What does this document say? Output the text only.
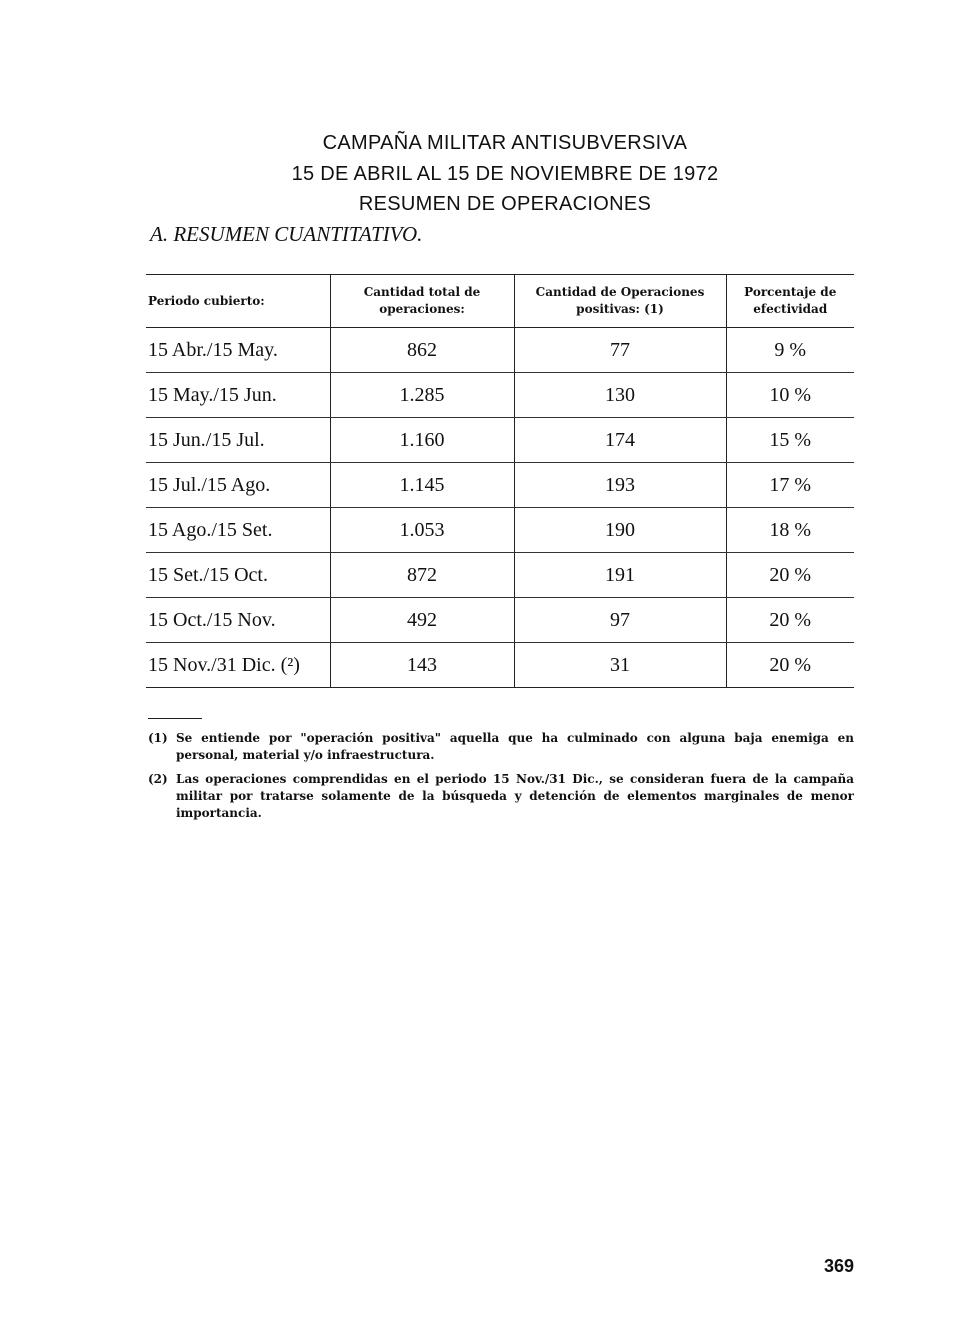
CAMPAÑA MILITAR ANTISUBVERSIVA
15 DE ABRIL AL 15 DE NOVIEMBRE DE 1972
RESUMEN DE OPERACIONES
A. RESUMEN CUANTITATIVO.
Periodo cubierto:	Cantidad total de operaciones:	Cantidad de Operaciones positivas: (1)	Porcentaje de efectividad
15 Abr./15 May.	862	77	9 %
15 May./15 Jun.	1.285	130	10 %
15 Jun./15 Jul.	1.160	174	15 %
15 Jul./15 Ago.	1.145	193	17 %
15 Ago./15 Set.	1.053	190	18 %
15 Set./15 Oct.	872	191	20 %
15 Oct./15 Nov.	492	97	20 %
15 Nov./31 Dic. (²)	143	31	20 %
(1) Se entiende por "operación positiva" aquella que ha culminado con alguna baja enemiga en personal, material y/o infraestructura.
(2) Las operaciones comprendidas en el periodo 15 Nov./31 Dic., se consideran fuera de la campaña militar por tratarse solamente de la búsqueda y detención de elementos marginales de menor importancia.
369
